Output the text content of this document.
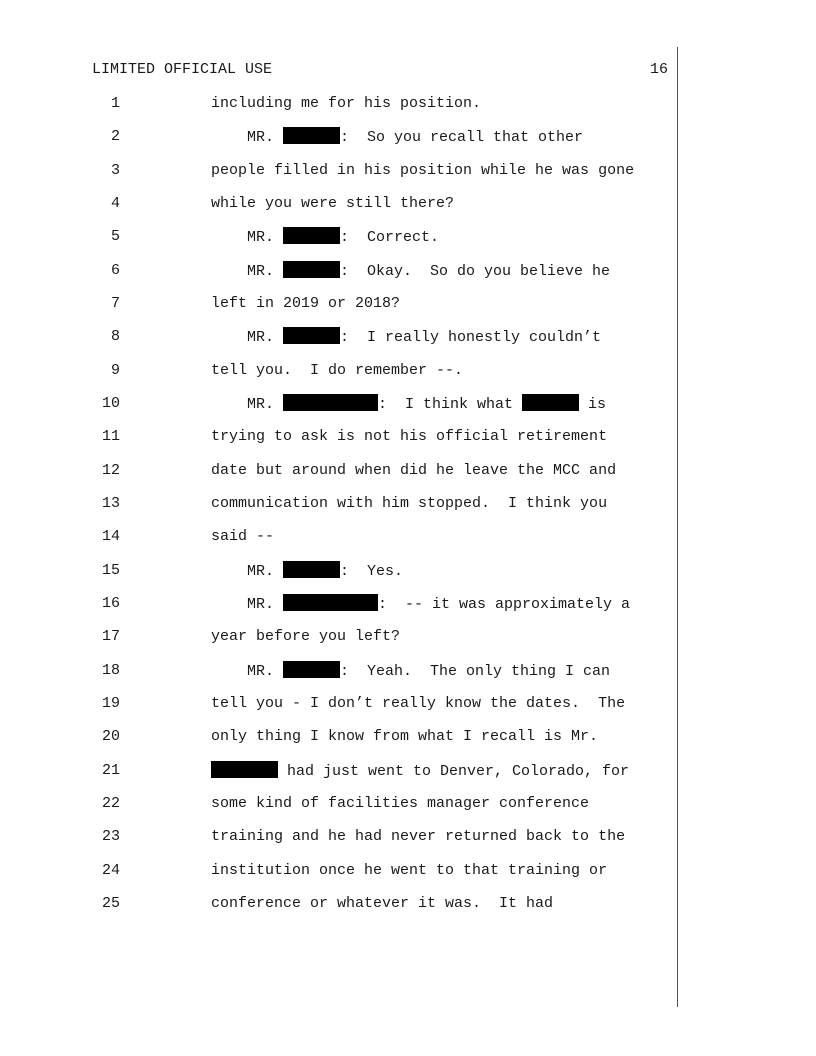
LIMITED OFFICIAL USE	16
1	including me for his position.
2	MR.	:  So you recall that other
3	people filled in his position while he was gone
4	while you were still there?
5	MR.	:  Correct.
6	MR.	:  Okay.  So do you believe he
7	left in 2019 or 2018?
8	MR.	:  I really honestly couldn’t
9	tell you.  I do remember --.
10	MR.	:  I think what	is
11	trying to ask is not his official retirement
12	date but around when did he leave the MCC and
13	communication with him stopped.  I think you
14	said --
15	MR.	:  Yes.
16	MR.	:  -- it was approximately a
17	year before you left?
18	MR.	:  Yeah.  The only thing I can
19	tell you - I don’t really know the dates.  The
20	only thing I know from what I recall is Mr.
21	had just went to Denver, Colorado, for
22	some kind of facilities manager conference
23	training and he had never returned back to the
24	institution once he went to that training or
25	conference or whatever it was.  It had
